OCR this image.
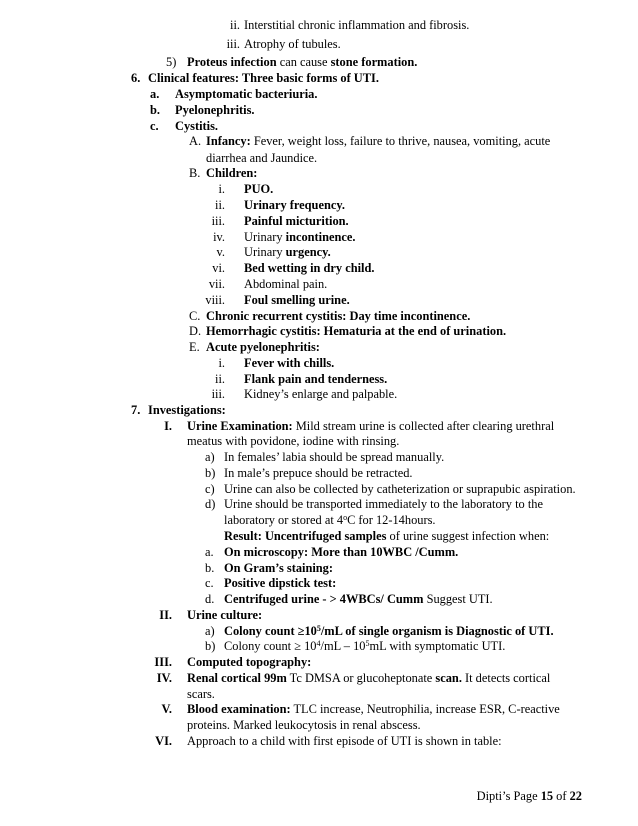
ii. Interstitial chronic inflammation and fibrosis.
iii. Atrophy of tubules.
5) Proteus infection can cause stone formation.
6. Clinical features: Three basic forms of UTI.
a. Asymptomatic bacteriuria.
b. Pyelonephritis.
c. Cystitis.
A. Infancy: Fever, weight loss, failure to thrive, nausea, vomiting, acute
diarrhea and Jaundice.
B. Children:
i. PUO.
ii. Urinary frequency.
iii. Painful micturition.
iv. Urinary incontinence.
v. Urinary urgency.
vi. Bed wetting in dry child.
vii. Abdominal pain.
viii. Foul smelling urine.
C. Chronic recurrent cystitis: Day time incontinence.
D. Hemorrhagic cystitis: Hematuria at the end of urination.
E. Acute pyelonephritis:
i. Fever with chills.
ii. Flank pain and tenderness.
iii. Kidney’s enlarge and palpable.
7. Investigations:
I. Urine Examination: Mild stream urine is collected after clearing urethral
meatus with povidone, iodine with rinsing.
a) In females’ labia should be spread manually.
b) In male’s prepuce should be retracted.
c) Urine can also be collected by catheterization or suprapubic aspiration.
d) Urine should be transported immediately to the laboratory to the
laboratory or stored at 4$^o$C for 12-14hours.
Result: Uncentrifuged samples of urine suggest infection when:
a. On microscopy: More than 10WBC /Cumm.
b. On Gram’s staining:
c. Positive dipstick test:
d. Centrifuged urine - > 4WBCs/ Cumm Suggest UTI.
II. Urine culture:
a) Colony count $\ge 10^5/mL$ of single organism is Diagnostic of UTI.
b) Colony count ≥ $10^4/mL - 10^5mL$ with symptomatic UTI.
III. Computed topography:
IV. Renal cortical 99m Tc DMSA or glucoheptonate scan. It detects cortical
scars.
V. Blood examination: TLC increase, Neutrophilia, increase ESR, C-reactive
proteins. Marked leukocytosis in renal abscess.
VI. Approach to a child with first episode of UTI is shown in table:
Dipti’s Page 15 of 22
